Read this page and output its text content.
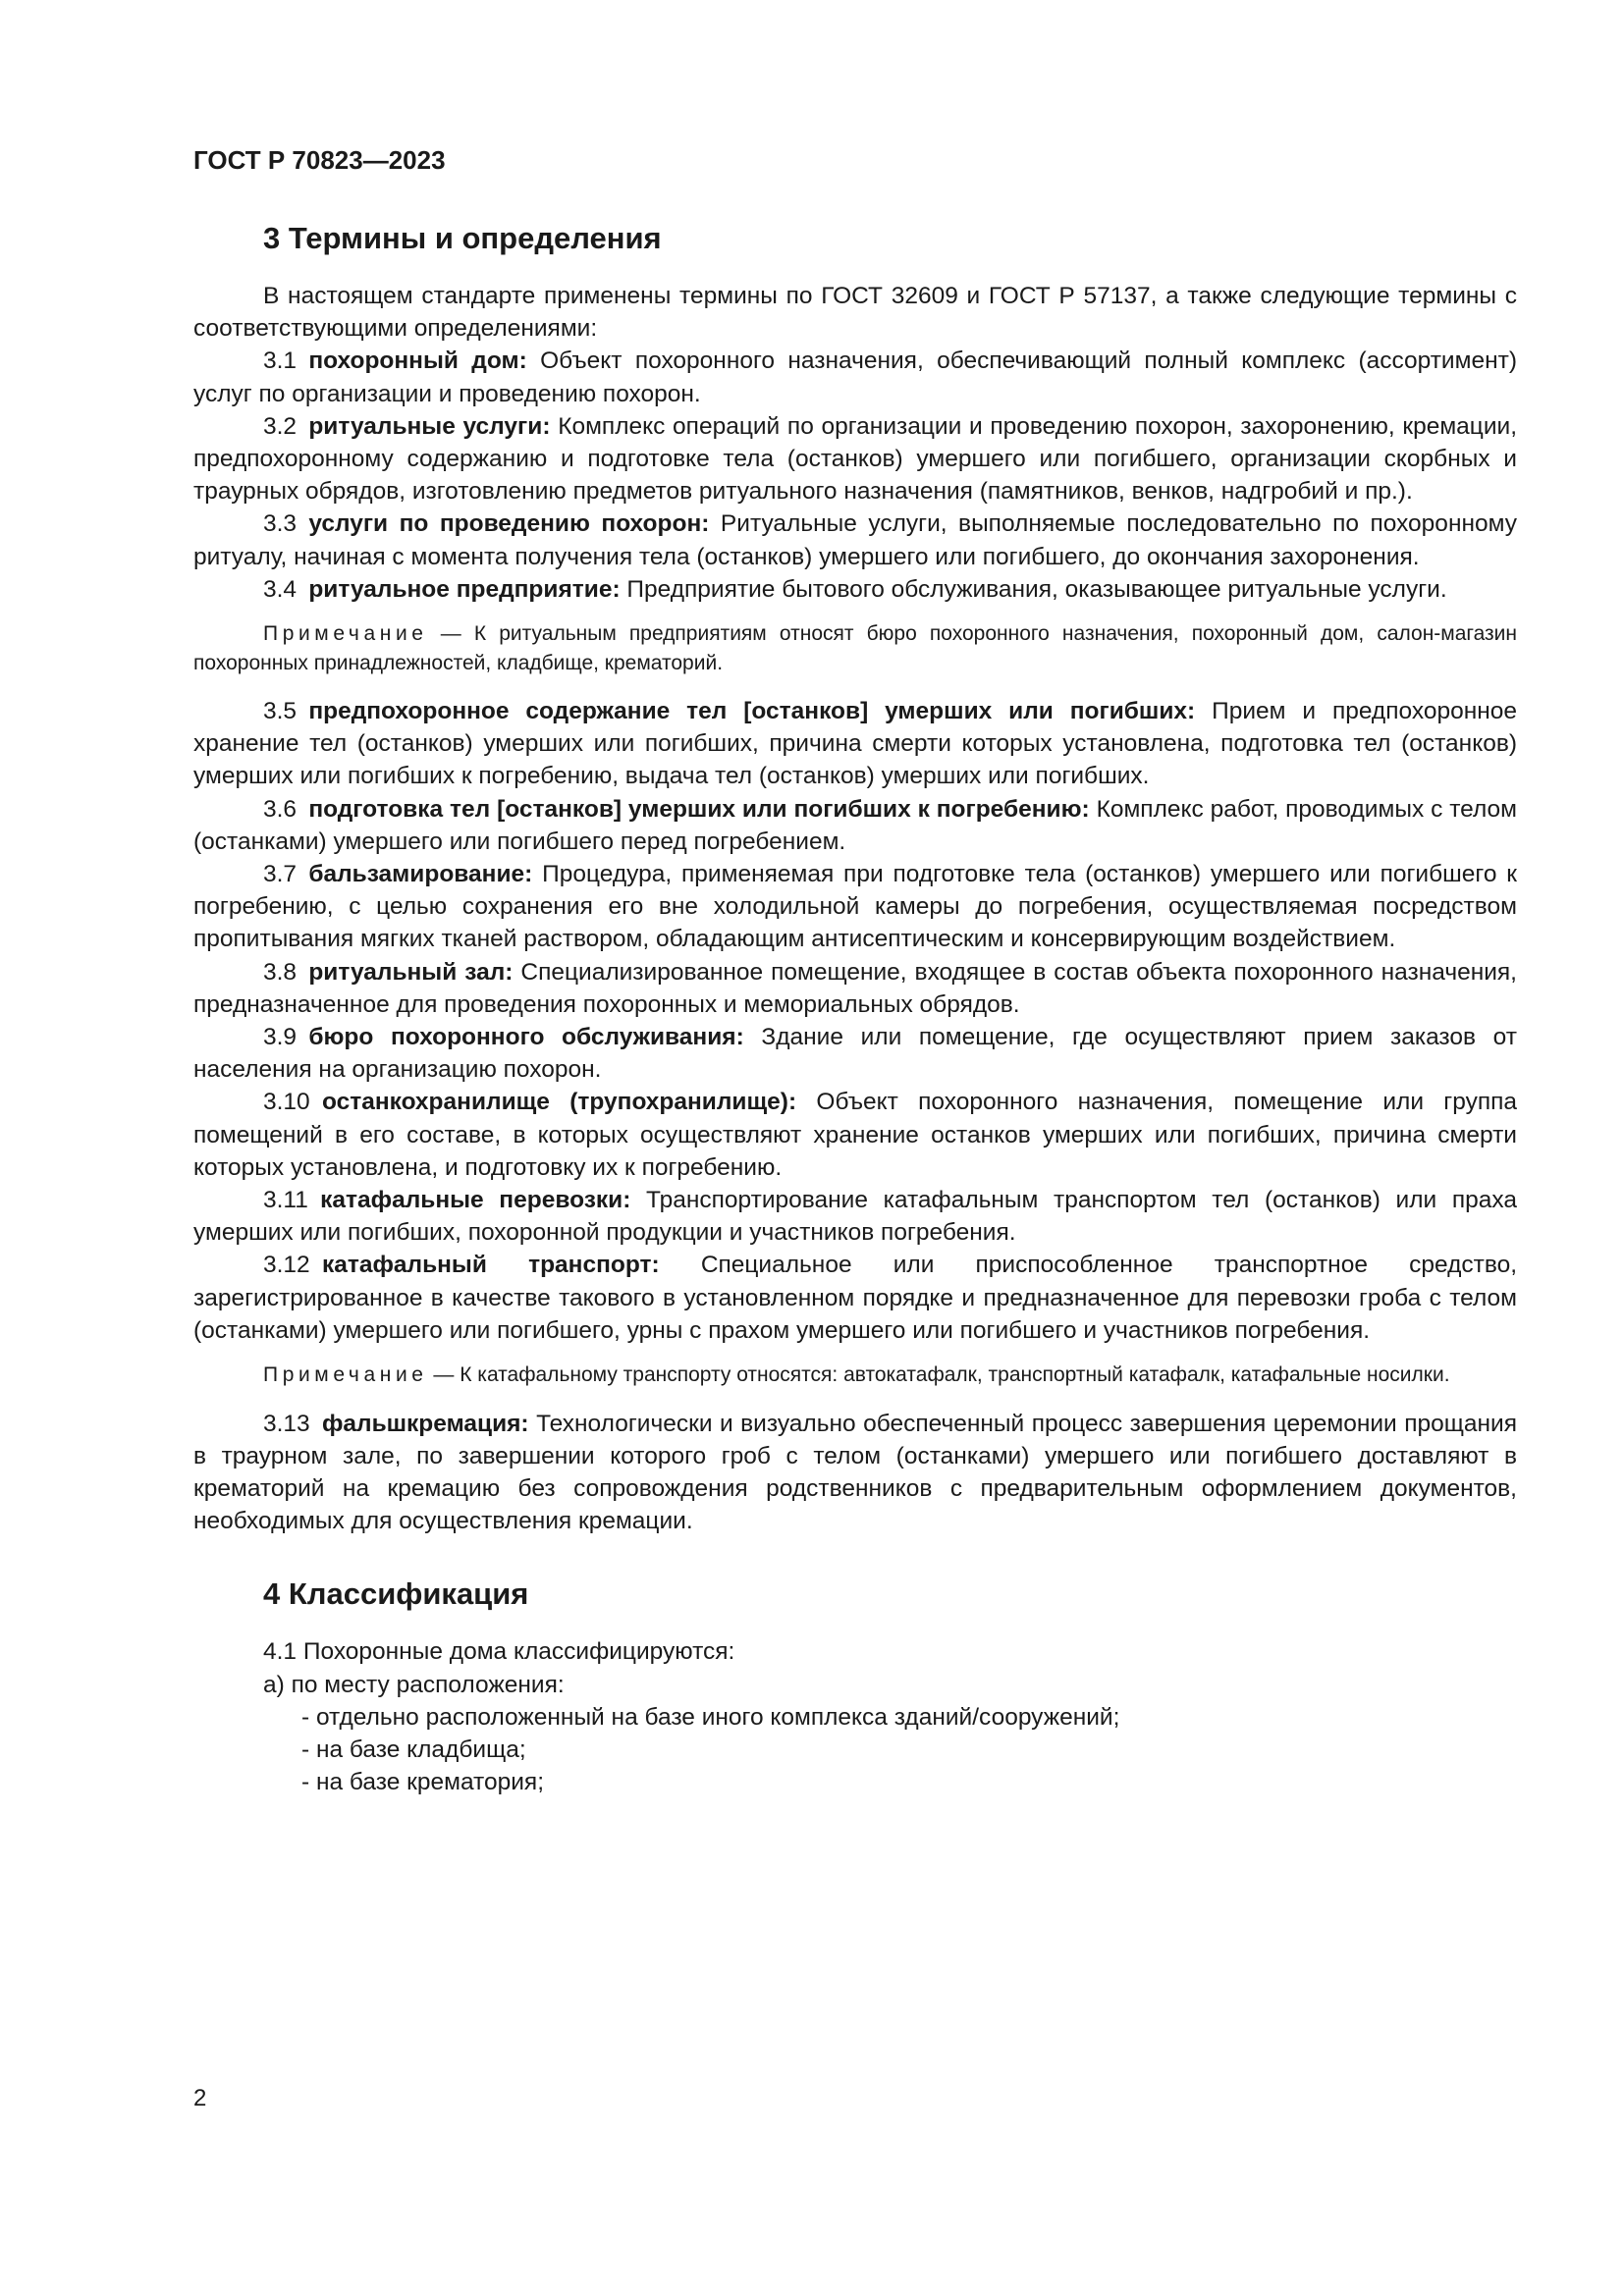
ГОСТ Р 70823—2023
3 Термины и определения

В настоящем стандарте применены термины по ГОСТ 32609 и ГОСТ Р 57137, а также следующие термины с соответствующими определениями:

3.1  похоронный дом: Объект похоронного назначения, обеспечивающий полный комплекс (ассортимент) услуг по организации и проведению похорон.

3.2  ритуальные услуги: Комплекс операций по организации и проведению похорон, захоронению, кремации, предпохоронному содержанию и подготовке тела (останков) умершего или погибшего, организации скорбных и траурных обрядов, изготовлению предметов ритуального назначения (памятников, венков, надгробий и пр.).

3.3  услуги по проведению похорон: Ритуальные услуги, выполняемые последовательно по похоронному ритуалу, начиная с момента получения тела (останков) умершего или погибшего, до окончания захоронения.

3.4  ритуальное предприятие: Предприятие бытового обслуживания, оказывающее ритуальные услуги.

Примечание — К ритуальным предприятиям относят бюро похоронного назначения, похоронный дом, салон-магазин похоронных принадлежностей, кладбище, крематорий.

3.5  предпохоронное содержание тел [останков] умерших или погибших: Прием и предпохоронное хранение тел (останков) умерших или погибших, причина смерти которых установлена, подготовка тел (останков) умерших или погибших к погребению, выдача тел (останков) умерших или погибших.

3.6  подготовка тел [останков] умерших или погибших к погребению: Комплекс работ, проводимых с телом (останками) умершего или погибшего перед погребением.

3.7  бальзамирование: Процедура, применяемая при подготовке тела (останков) умершего или погибшего к погребению, с целью сохранения его вне холодильной камеры до погребения, осуществляемая посредством пропитывания мягких тканей раствором, обладающим антисептическим и консервирующим воздействием.

3.8  ритуальный зал: Специализированное помещение, входящее в состав объекта похоронного назначения, предназначенное для проведения похоронных и мемориальных обрядов.

3.9  бюро похоронного обслуживания: Здание или помещение, где осуществляют прием заказов от населения на организацию похорон.

3.10  останкохранилище (трупохранилище): Объект похоронного назначения, помещение или группа помещений в его составе, в которых осуществляют хранение останков умерших или погибших, причина смерти которых установлена, и подготовку их к погребению.

3.11  катафальные перевозки: Транспортирование катафальным транспортом тел (останков) или праха умерших или погибших, похоронной продукции и участников погребения.

3.12  катафальный транспорт: Специальное или приспособленное транспортное средство, зарегистрированное в качестве такового в установленном порядке и предназначенное для перевозки гроба с телом (останками) умершего или погибшего, урны с прахом умершего или погибшего и участников погребения.

Примечание — К катафальному транспорту относятся: автокатафалк, транспортный катафалк, катафальные носилки.

3.13  фальшкремация: Технологически и визуально обеспеченный процесс завершения церемонии прощания в траурном зале, по завершении которого гроб с телом (останками) умершего или погибшего доставляют в крематорий на кремацию без сопровождения родственников с предварительным оформлением документов, необходимых для осуществления кремации.

4 Классификация

4.1 Похоронные дома классифицируются:

а) по месту расположения:

- отдельно расположенный на базе иного комплекса зданий/сооружений;

- на базе кладбища;

- на базе крематория;

2
